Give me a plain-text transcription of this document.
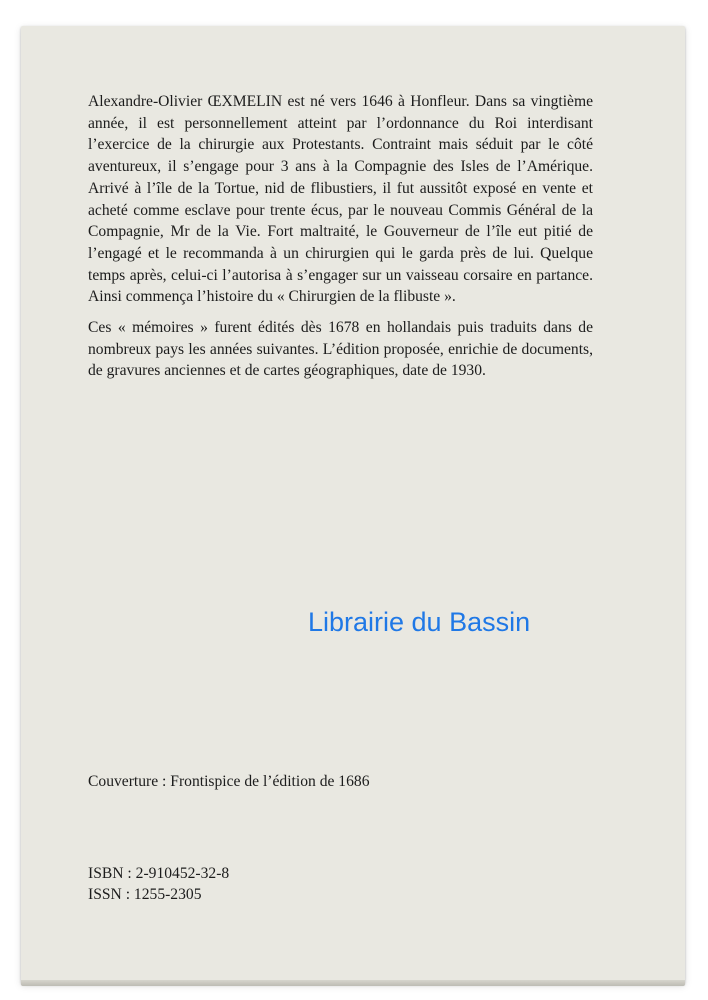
Alexandre-Olivier ŒXMELIN est né vers 1646 à Honfleur. Dans sa vingtième année, il est personnellement atteint par l’ordonnance du Roi interdisant l’exercice de la chirurgie aux Protestants. Contraint mais séduit par le côté aventureux, il s’engage pour 3 ans à la Compagnie des Isles de l’Amérique. Arrivé à l’île de la Tortue, nid de flibustiers, il fut aussitôt exposé en vente et acheté comme esclave pour trente écus, par le nouveau Commis Général de la Compagnie, Mr de la Vie. Fort maltraité, le Gouverneur de l’île eut pitié de l’engagé et le recommanda à un chirurgien qui le garda près de lui. Quelque temps après, celui-ci l’autorisa à s’engager sur un vaisseau corsaire en partance. Ainsi commença l’histoire du « Chirurgien de la flibuste ».

Ces « mémoires » furent édités dès 1678 en hollandais puis traduits dans de nombreux pays les années suivantes. L’édition proposée, enrichie de documents, de gravures anciennes et de cartes géographiques, date de 1930.

Librairie du Bassin
Couverture : Frontispice de l’édition de 1686
ISBN : 2-910452-32-8
ISSN : 1255-2305
